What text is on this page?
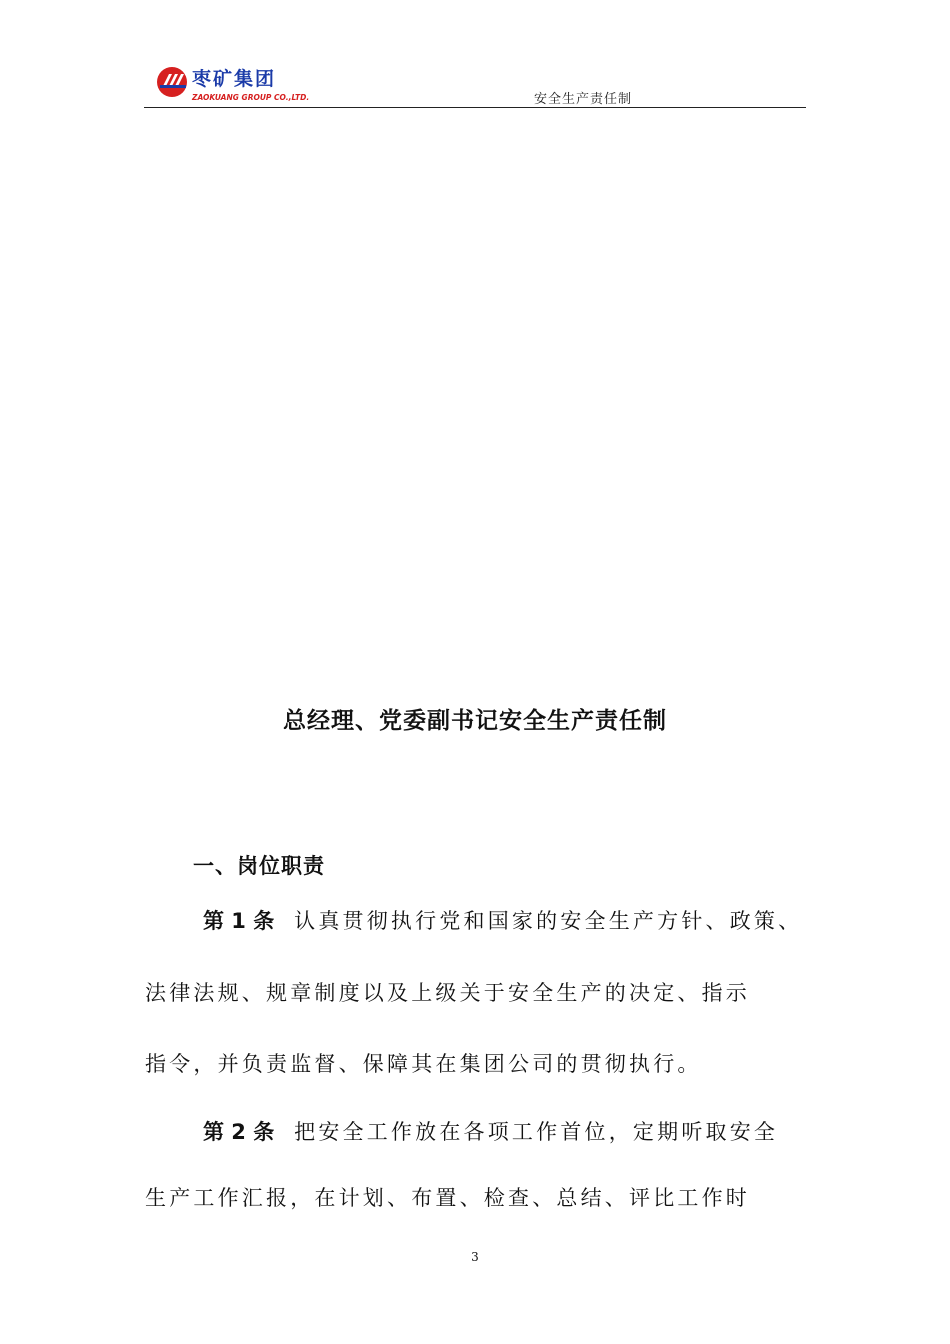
枣矿集团
ZAOKUANG GROUP CO.,LTD.	安全生产责任制
总经理、党委副书记安全生产责任制
一、岗位职责
第 1 条 认真贯彻执行党和国家的安全生产方针、政策、
法律法规、规章制度以及上级关于安全生产的决定、指示
指令，并负责监督、保障其在集团公司的贯彻执行。
第 2 条 把安全工作放在各项工作首位，定期听取安全
生产工作汇报，在计划、布置、检查、总结、评比工作时
3
